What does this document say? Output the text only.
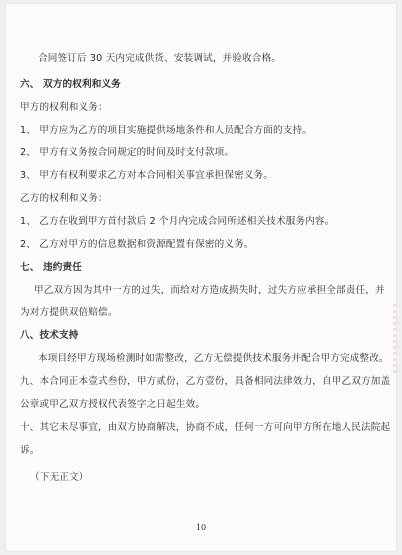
合同签订后 30 天内完成供货、安装调试，并验收合格。
六、 双方的权利和义务
甲方的权利和义务：
1、 甲方应为乙方的项目实施提供场地条件和人员配合方面的支持。
2、 甲方有义务按合同规定的时间及时支付款项。
3、 甲方有权利要求乙方对本合同相关事宜承担保密义务。
乙方的权利和义务：
1、 乙方在收到甲方首付款后 2 个月内完成合同所述相关技术服务内容。
2、 乙方对甲方的信息数据和资源配置有保密的义务。
七、 违约责任
甲乙双方因为其中一方的过失，而给对方造成损失时，过失方应承担全部责任，并
为对方提供双倍赔偿。
八、技术支持
本项目经甲方现场检测时如需整改，乙方无偿提供技术服务并配合甲方完成整改。
九、本合同正本壹式叁份，甲方贰份，乙方壹份，具备相同法律效力，自甲乙双方加盖
公章或甲乙双方授权代表签字之日起生效。
十、其它未尽事宜，由双方协商解决，协商不成，任何一方可向甲方所在地人民法院起
诉。
（下无正文）
10
